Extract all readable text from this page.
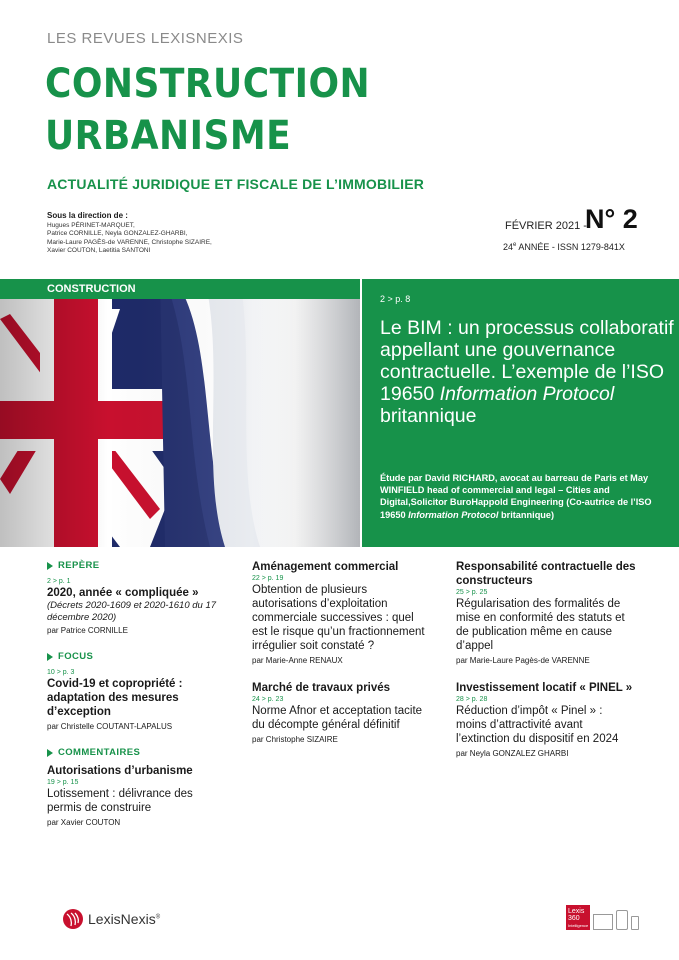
LES REVUES LEXISNEXIS
CONSTRUCTION
URBANISME
ACTUALITÉ JURIDIQUE ET FISCALE DE L’IMMOBILIER
Sous la direction de :
Hugues PÉRINET-MARQUET,
Patrice CORNILLE, Neyla GONZALEZ-GHARBI,
Marie-Laure PAGÈS-de VARENNE, Christophe SIZAIRE,
Xavier COUTON, Laetitia SANTONI
FÉVRIER 2021 -
N° 2
24e ANNÉE - ISSN 1279-841X
CONSTRUCTION
2 > p. 8
Le BIM : un processus collaboratif appellant une gouvernance contractuelle. L’exemple de l’ISO 19650 Information Protocol britannique
Étude par David RICHARD, avocat au barreau de Paris et May WINFIELD head of commercial and legal – Cities and Digital,Solicitor BuroHappold Engineering (Co-autrice de l’ISO 19650 Information Protocol britannique)
REPÈRE
2 > p. 1
2020, année « compliquée »
(Décrets 2020-1609 et 2020-1610 du 17 décembre 2020)
par Patrice CORNILLE
FOCUS
10 > p. 3
Covid-19 et copropriété : adaptation des mesures d’exception
par Christelle COUTANT-LAPALUS
COMMENTAIRES
Autorisations d’urbanisme
19 > p. 15
Lotissement : délivrance des permis de construire
par Xavier COUTON
Aménagement commercial
22 > p. 19
Obtention de plusieurs autorisations d’exploitation commerciale successives : quel est le risque qu’un fractionnement irrégulier soit constaté ?
par Marie-Anne RENAUX
Marché de travaux privés
24 > p. 23
Norme Afnor et acceptation tacite du décompte général définitif
par Christophe SIZAIRE
Responsabilité contractuelle des constructeurs
25 > p. 25
Régularisation des formalités de mise en conformité des statuts et de publication même en cause d’appel
par Marie-Laure Pagès-de VARENNE
Investissement locatif « PINEL »
28 > p. 28
Réduction d’impôt « Pinel » : moins d’attractivité avant l’extinction du dispositif en 2024
par Neyla GONZALEZ GHARBI
LexisNexis®
Lexis
360
Intelligence
